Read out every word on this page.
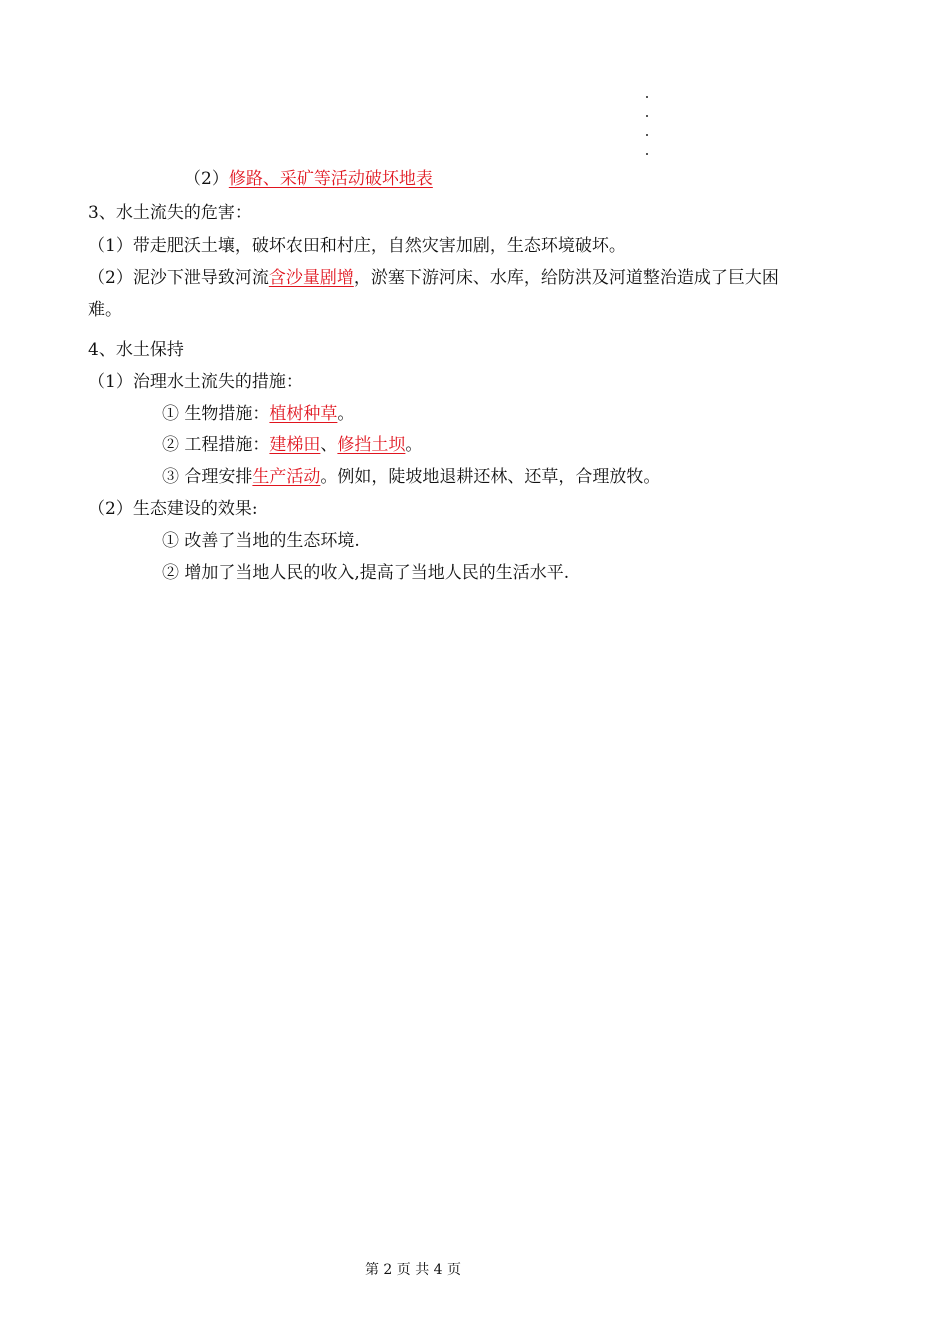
（2）修路、采矿等活动破坏地表
3、水土流失的危害：
（1）带走肥沃土壤，破坏农田和村庄，自然灾害加剧，生态环境破坏。
（2）泥沙下泄导致河流含沙量剧增，淤塞下游河床、水库，给防洪及河道整治造成了巨大困
难。
4、水土保持
（1）治理水土流失的措施：
① 生物措施：植树种草。
② 工程措施：建梯田、修挡土坝。
③ 合理安排生产活动。例如，陡坡地退耕还林、还草，合理放牧。
（2）生态建设的效果:
① 改善了当地的生态环境.
② 增加了当地人民的收入,提高了当地人民的生活水平.
第 2 页 共 4 页
